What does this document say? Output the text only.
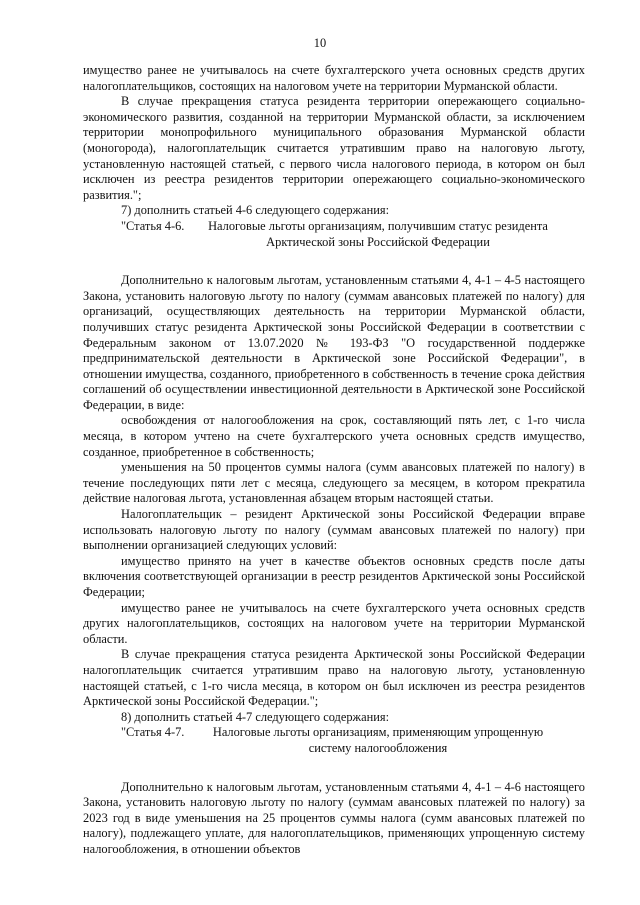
10

имущество ранее не учитывалось на счете бухгалтерского учета основных средств других налогоплательщиков, состоящих на налоговом учете на территории Мурманской области.

В случае прекращения статуса резидента территории опережающего социально-экономического развития, созданной на территории Мурманской области, за исключением территории монопрофильного муниципального образования Мурманской области (моногорода), налогоплательщик считается утратившим право на налоговую льготу, установленную настоящей статьей, с первого числа налогового периода, в котором он был исключен из реестра резидентов территории опережающего социально-экономического развития.";

7) дополнить статьей 4-6 следующего содержания:

"Статья 4-6.	Налоговые льготы организациям, получившим статус резидента Арктической зоны Российской Федерации

Дополнительно к налоговым льготам, установленным статьями 4, 4-1 – 4-5 настоящего Закона, установить налоговую льготу по налогу (суммам авансовых платежей по налогу) для организаций, осуществляющих деятельность на территории Мурманской области, получивших статус резидента Арктической зоны Российской Федерации в соответствии с Федеральным законом от 13.07.2020 № 193-ФЗ "О государственной поддержке предпринимательской деятельности в Арктической зоне Российской Федерации", в отношении имущества, созданного, приобретенного в собственность в течение срока действия соглашений об осуществлении инвестиционной деятельности в Арктической зоне Российской Федерации, в виде:

освобождения от налогообложения на срок, составляющий пять лет, с 1-го числа месяца, в котором учтено на счете бухгалтерского учета основных средств имущество, созданное, приобретенное в собственность;

уменьшения на 50 процентов суммы налога (сумм авансовых платежей по налогу) в течение последующих пяти лет с месяца, следующего за месяцем, в котором прекратила действие налоговая льгота, установленная абзацем вторым настоящей статьи.

Налогоплательщик – резидент Арктической зоны Российской Федерации вправе использовать налоговую льготу по налогу (суммам авансовых платежей по налогу) при выполнении организацией следующих условий:

имущество принято на учет в качестве объектов основных средств после даты включения соответствующей организации в реестр резидентов Арктической зоны Российской Федерации;

имущество ранее не учитывалось на счете бухгалтерского учета основных средств других налогоплательщиков, состоящих на налоговом учете на территории Мурманской области.

В случае прекращения статуса резидента Арктической зоны Российской Федерации налогоплательщик считается утратившим право на налоговую льготу, установленную настоящей статьей, с 1-го числа месяца, в котором он был исключен из реестра резидентов Арктической зоны Российской Федерации.";

8) дополнить статьей 4-7 следующего содержания:

"Статья 4-7.	Налоговые льготы организациям, применяющим упрощенную систему налогообложения

Дополнительно к налоговым льготам, установленным статьями 4, 4-1 – 4-6 настоящего Закона, установить налоговую льготу по налогу (суммам авансовых платежей по налогу) за 2023 год в виде уменьшения на 25 процентов суммы налога (сумм авансовых платежей по налогу), подлежащего уплате, для налогоплательщиков, применяющих упрощенную систему налогообложения, в отношении объектов
